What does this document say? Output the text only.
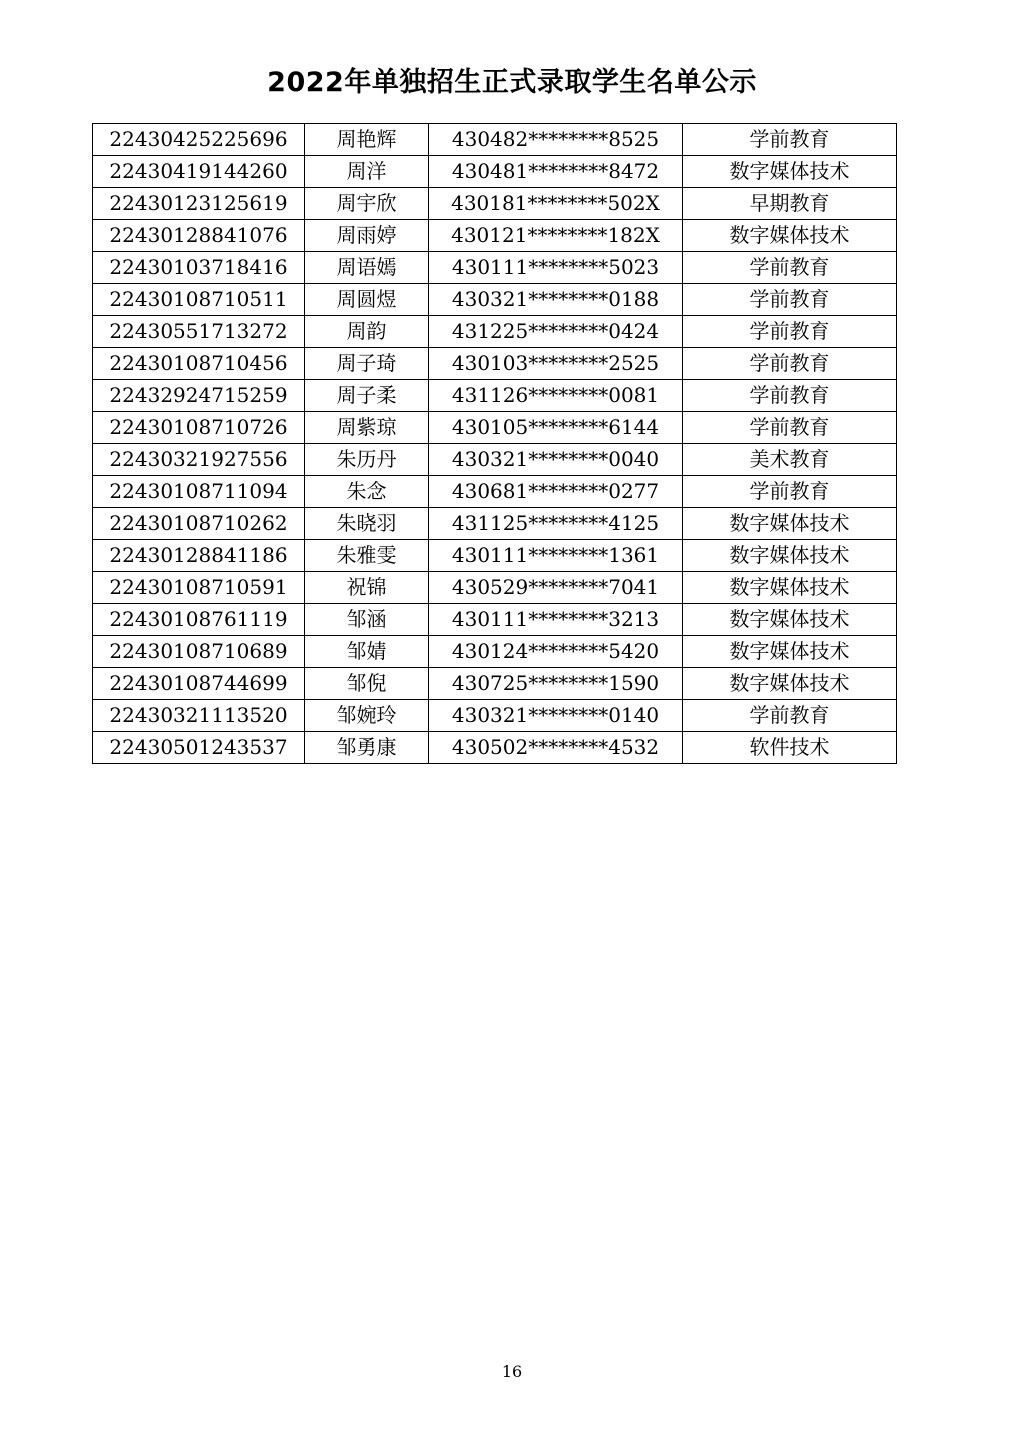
2022年单独招生正式录取学生名单公示
22430425225696	周艳辉	430482********8525	学前教育
22430419144260	周洋	430481********8472	数字媒体技术
22430123125619	周宇欣	430181********502X	早期教育
22430128841076	周雨婷	430121********182X	数字媒体技术
22430103718416	周语嫣	430111********5023	学前教育
22430108710511	周圆煜	430321********0188	学前教育
22430551713272	周韵	431225********0424	学前教育
22430108710456	周子琦	430103********2525	学前教育
22432924715259	周子柔	431126********0081	学前教育
22430108710726	周紫琼	430105********6144	学前教育
22430321927556	朱历丹	430321********0040	美术教育
22430108711094	朱念	430681********0277	学前教育
22430108710262	朱晓羽	431125********4125	数字媒体技术
22430128841186	朱雅雯	430111********1361	数字媒体技术
22430108710591	祝锦	430529********7041	数字媒体技术
22430108761119	邹涵	430111********3213	数字媒体技术
22430108710689	邹婧	430124********5420	数字媒体技术
22430108744699	邹倪	430725********1590	数字媒体技术
22430321113520	邹婉玲	430321********0140	学前教育
22430501243537	邹勇康	430502********4532	软件技术
16
